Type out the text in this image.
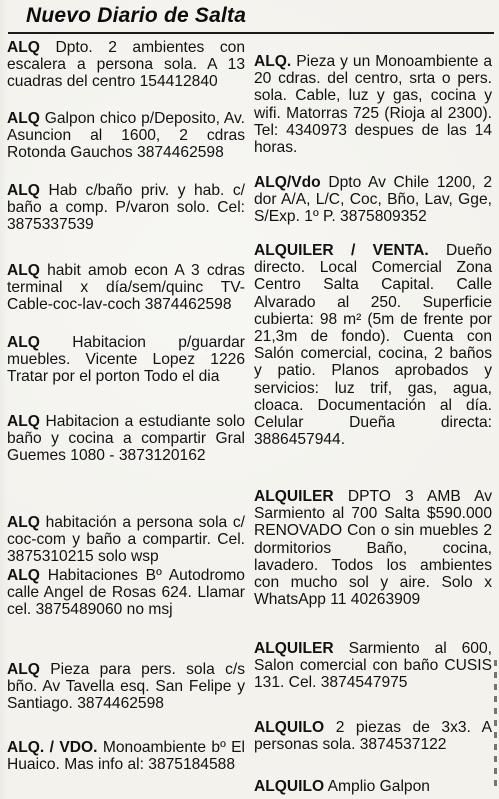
Nuevo Diario de Salta
ALQ Dpto. 2 ambientes con escalera a persona sola. A 13 cuadras del centro 154412840
ALQ Galpon chico p/Deposito, Av. Asuncion al 1600, 2 cdras Rotonda Gauchos 3874462598
ALQ Hab c/baño priv. y hab. c/ baño a comp. P/varon solo. Cel: 3875337539
ALQ habit amob econ A 3 cdras terminal x día/sem/quinc TV-Cable-coc-lav-coch 3874462598
ALQ Habitacion p/guardar muebles. Vicente Lopez 1226 Tratar por el porton Todo el dia
ALQ Habitacion a estudiante solo baño y cocina a compartir Gral Guemes 1080 - 3873120162
ALQ habitación a persona sola c/ coc-com y baño a compartir. Cel. 3875310215 solo wsp
ALQ Habitaciones Bº Autodromo calle Angel de Rosas 624. Llamar cel. 3875489060 no msj
ALQ Pieza para pers. sola c/s bño. Av Tavella esq. San Felipe y Santiago. 3874462598
ALQ. / VDO. Monoambiente bº El Huaico. Mas info al: 3875184588
ALQ. Pieza y un Monoambiente a 20 cdras. del centro, srta o pers. sola. Cable, luz y gas, cocina y wifi. Matorras 725 (Rioja al 2300). Tel: 4340973 despues de las 14 horas.
ALQ/Vdo Dpto Av Chile 1200, 2 dor A/A, L/C, Coc, Bño, Lav, Gge, S/Exp. 1º P. 3875809352
ALQUILER / VENTA. Dueño directo. Local Comercial Zona Centro Salta Capital. Calle Alvarado al 250. Superficie cubierta: 98 m² (5m de frente por 21,3m de fondo). Cuenta con Salón comercial, cocina, 2 baños y patio. Planos aprobados y servicios: luz trif, gas, agua, cloaca. Documentación al día. Celular Dueña directa: 3886457944.
ALQUILER DPTO 3 AMB Av Sarmiento al 700 Salta $590.000 RENOVADO Con o sin muebles 2 dormitorios Baño, cocina, lavadero. Todos los ambientes con mucho sol y aire. Solo x WhatsApp 11 40263909
ALQUILER Sarmiento al 600, Salon comercial con baño CUSIS 131. Cel. 3874547975
ALQUILO 2 piezas de 3x3. A personas sola. 3874537122
ALQUILO Amplio Galpon
